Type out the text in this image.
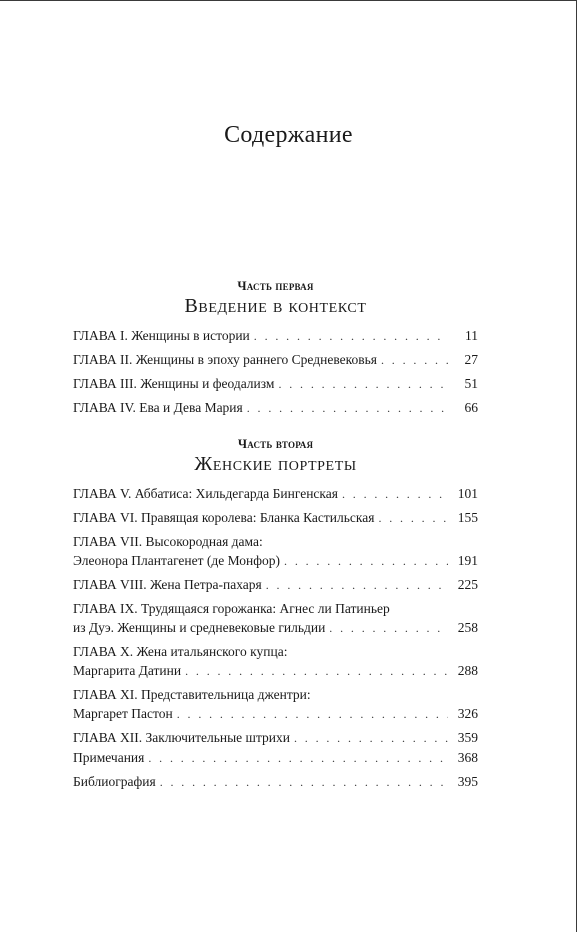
Содержание
Часть первая
Введение в контекст
ГЛАВА I. Женщины в истории . . .	11
ГЛАВА II. Женщины в эпоху раннего Средневековья . . .	27
ГЛАВА III. Женщины и феодализм . . .	51
ГЛАВА IV. Ева и Дева Мария . . .	66
Часть вторая
Женские портреты
ГЛАВА V. Аббатиса: Хильдегарда Бингенская . . .	101
ГЛАВА VI. Правящая королева: Бланка Кастильская . . .	155
ГЛАВА VII. Высокородная дама:
Элеонора Плантагенет (де Монфор) . . .	191
ГЛАВА VIII. Жена Петра-пахаря . . .	225
ГЛАВА IX. Трудящаяся горожанка: Агнес ли Патиньер
из Дуэ. Женщины и средневековые гильдии . . .	258
ГЛАВА X. Жена итальянского купца:
Маргарита Датини . . .	288
ГЛАВА XI. Представительница джентри:
Маргарет Пастон . . .	326
ГЛАВА XII. Заключительные штрихи . . .	359
Примечания . . .	368
Библиография . . .	395
